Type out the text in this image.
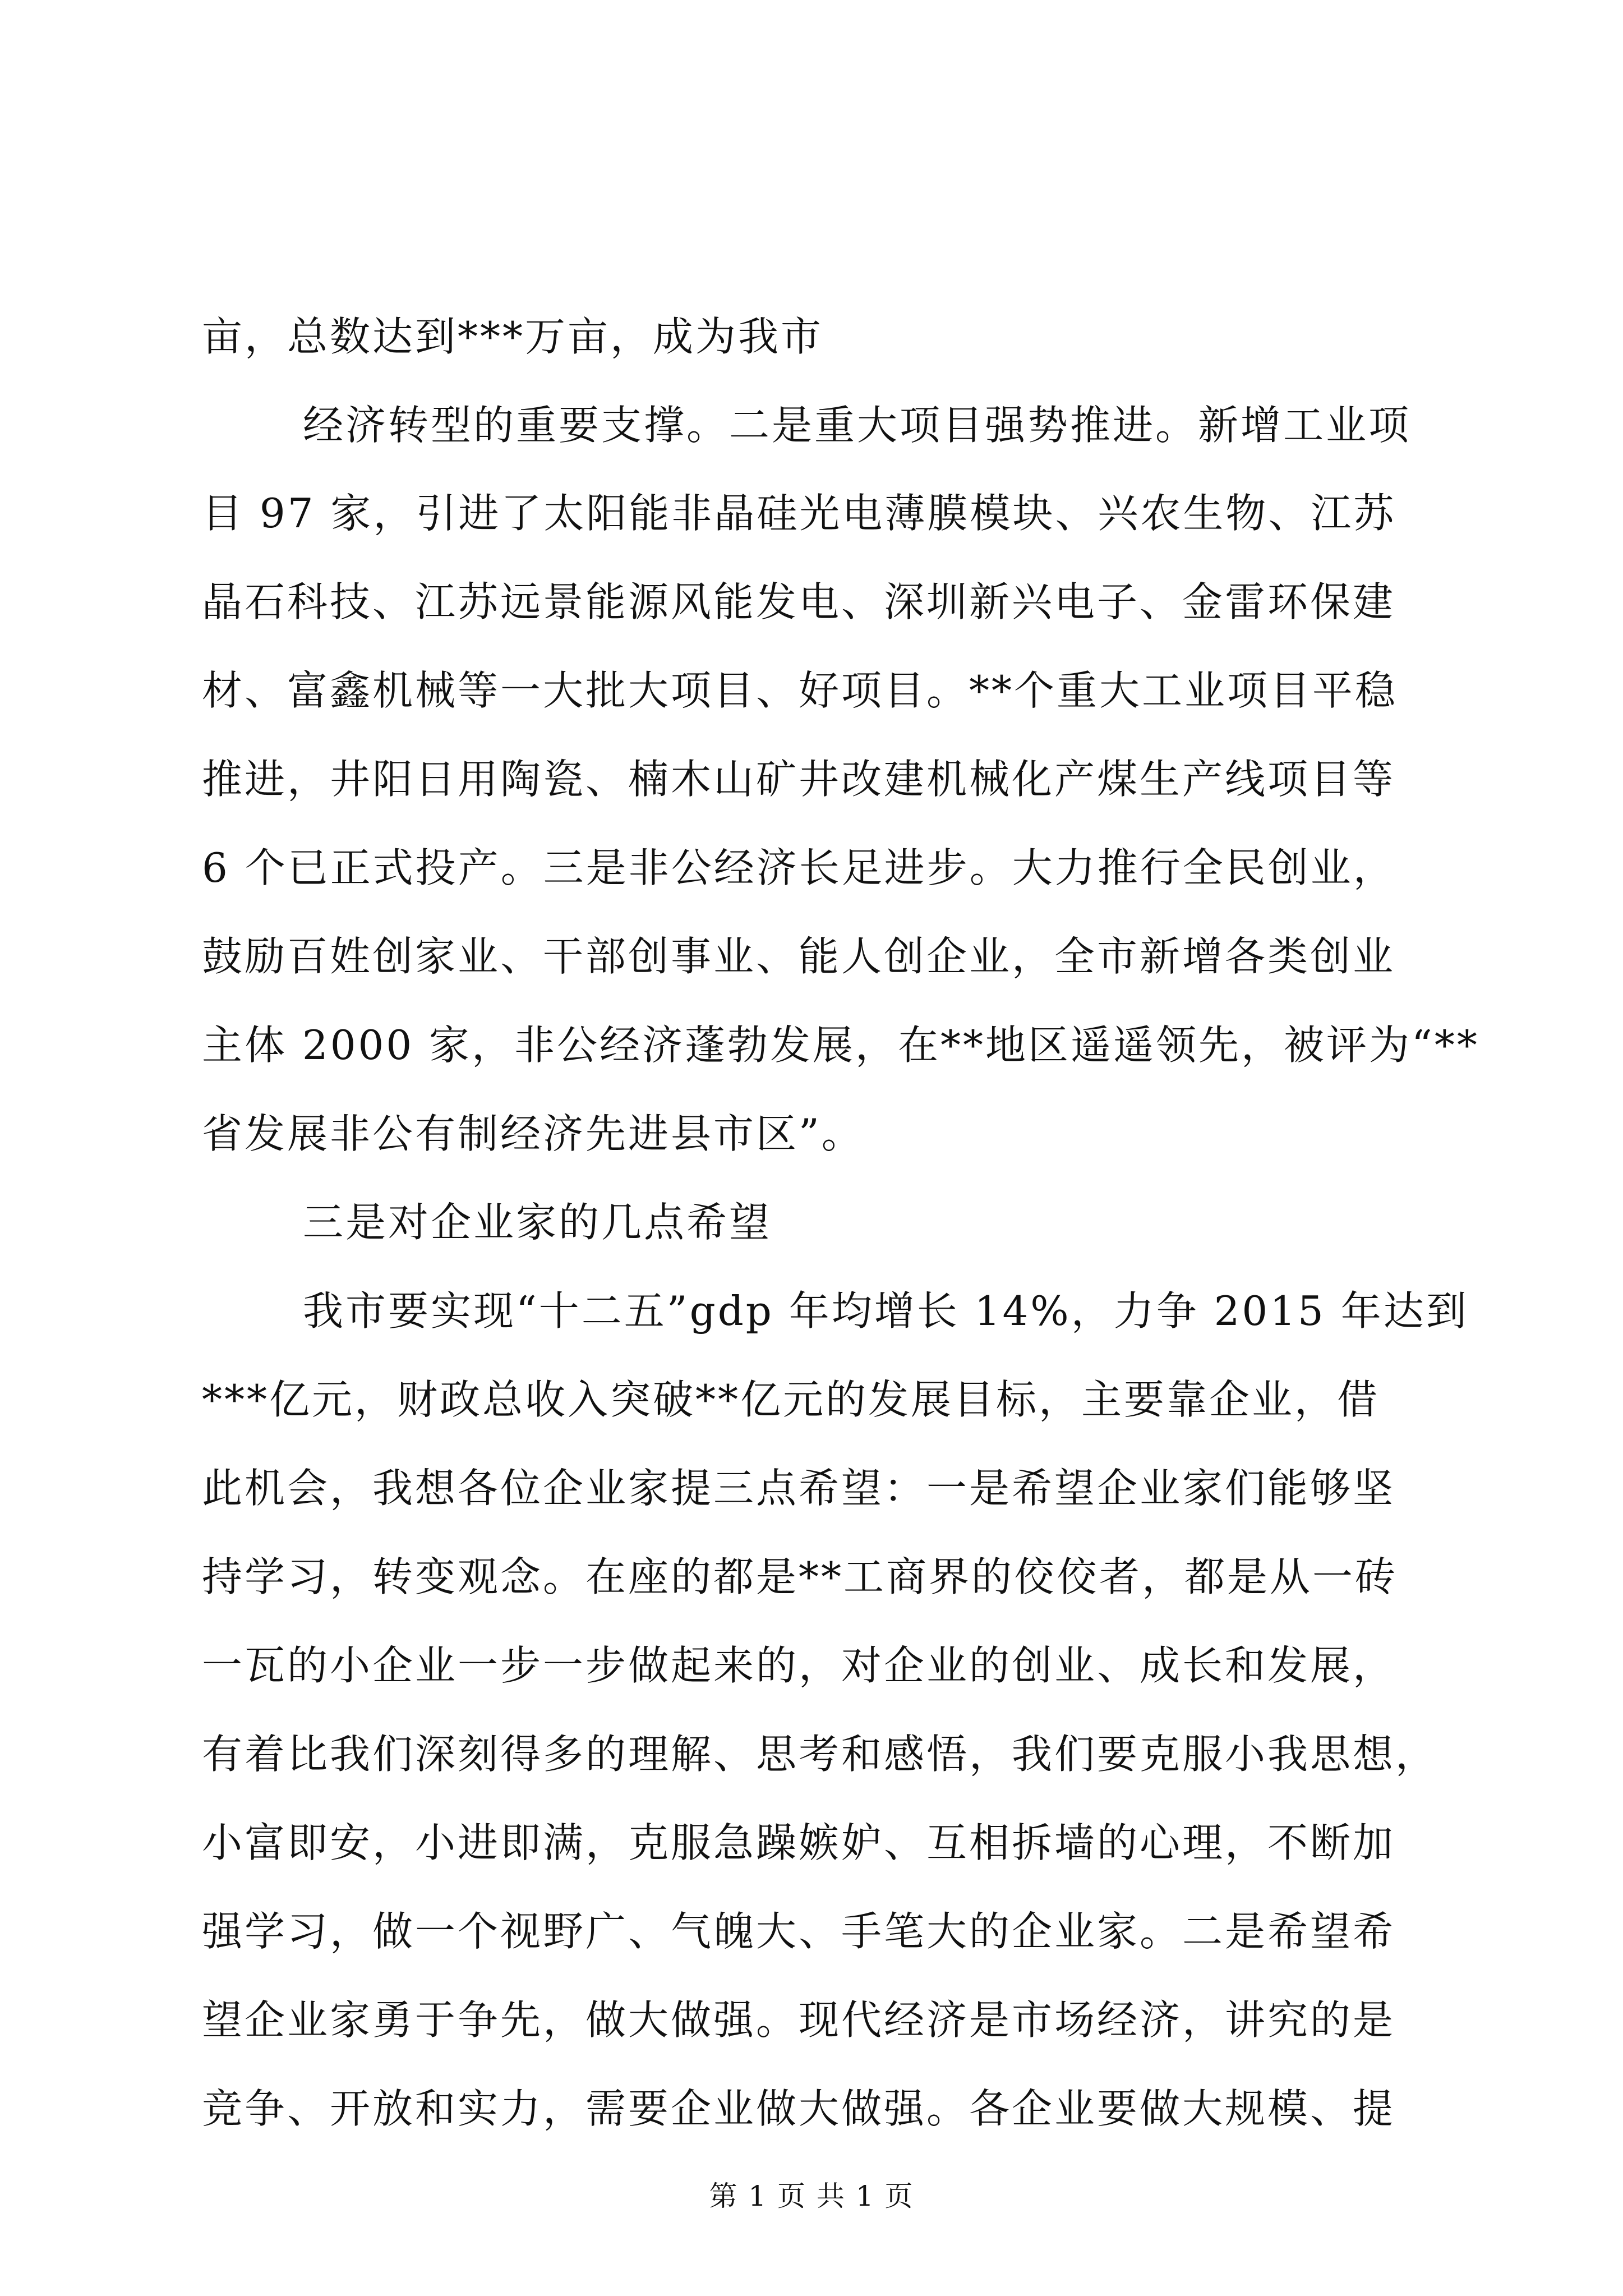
亩，总数达到***万亩，成为我市
经济转型的重要支撑。二是重大项目强势推进。新增工业项
目 97 家，引进了太阳能非晶硅光电薄膜模块、兴农生物、江苏
晶石科技、江苏远景能源风能发电、深圳新兴电子、金雷环保建
材、富鑫机械等一大批大项目、好项目。**个重大工业项目平稳
推进，井阳日用陶瓷、楠木山矿井改建机械化产煤生产线项目等
6 个已正式投产。三是非公经济长足进步。大力推行全民创业，
鼓励百姓创家业、干部创事业、能人创企业，全市新增各类创业
主体 2000 家，非公经济蓬勃发展，在**地区遥遥领先，被评为“**
省发展非公有制经济先进县市区”。
三是对企业家的几点希望
我市要实现“十二五”gdp 年均增长 14%，力争 2015 年达到
***亿元，财政总收入突破**亿元的发展目标，主要靠企业，借
此机会，我想各位企业家提三点希望：一是希望企业家们能够坚
持学习，转变观念。在座的都是**工商界的佼佼者，都是从一砖
一瓦的小企业一步一步做起来的，对企业的创业、成长和发展，
有着比我们深刻得多的理解、思考和感悟，我们要克服小我思想，
小富即安，小进即满，克服急躁嫉妒、互相拆墙的心理，不断加
强学习，做一个视野广、气魄大、手笔大的企业家。二是希望希
望企业家勇于争先，做大做强。现代经济是市场经济，讲究的是
竞争、开放和实力，需要企业做大做强。各企业要做大规模、提
第 1 页 共 1 页
